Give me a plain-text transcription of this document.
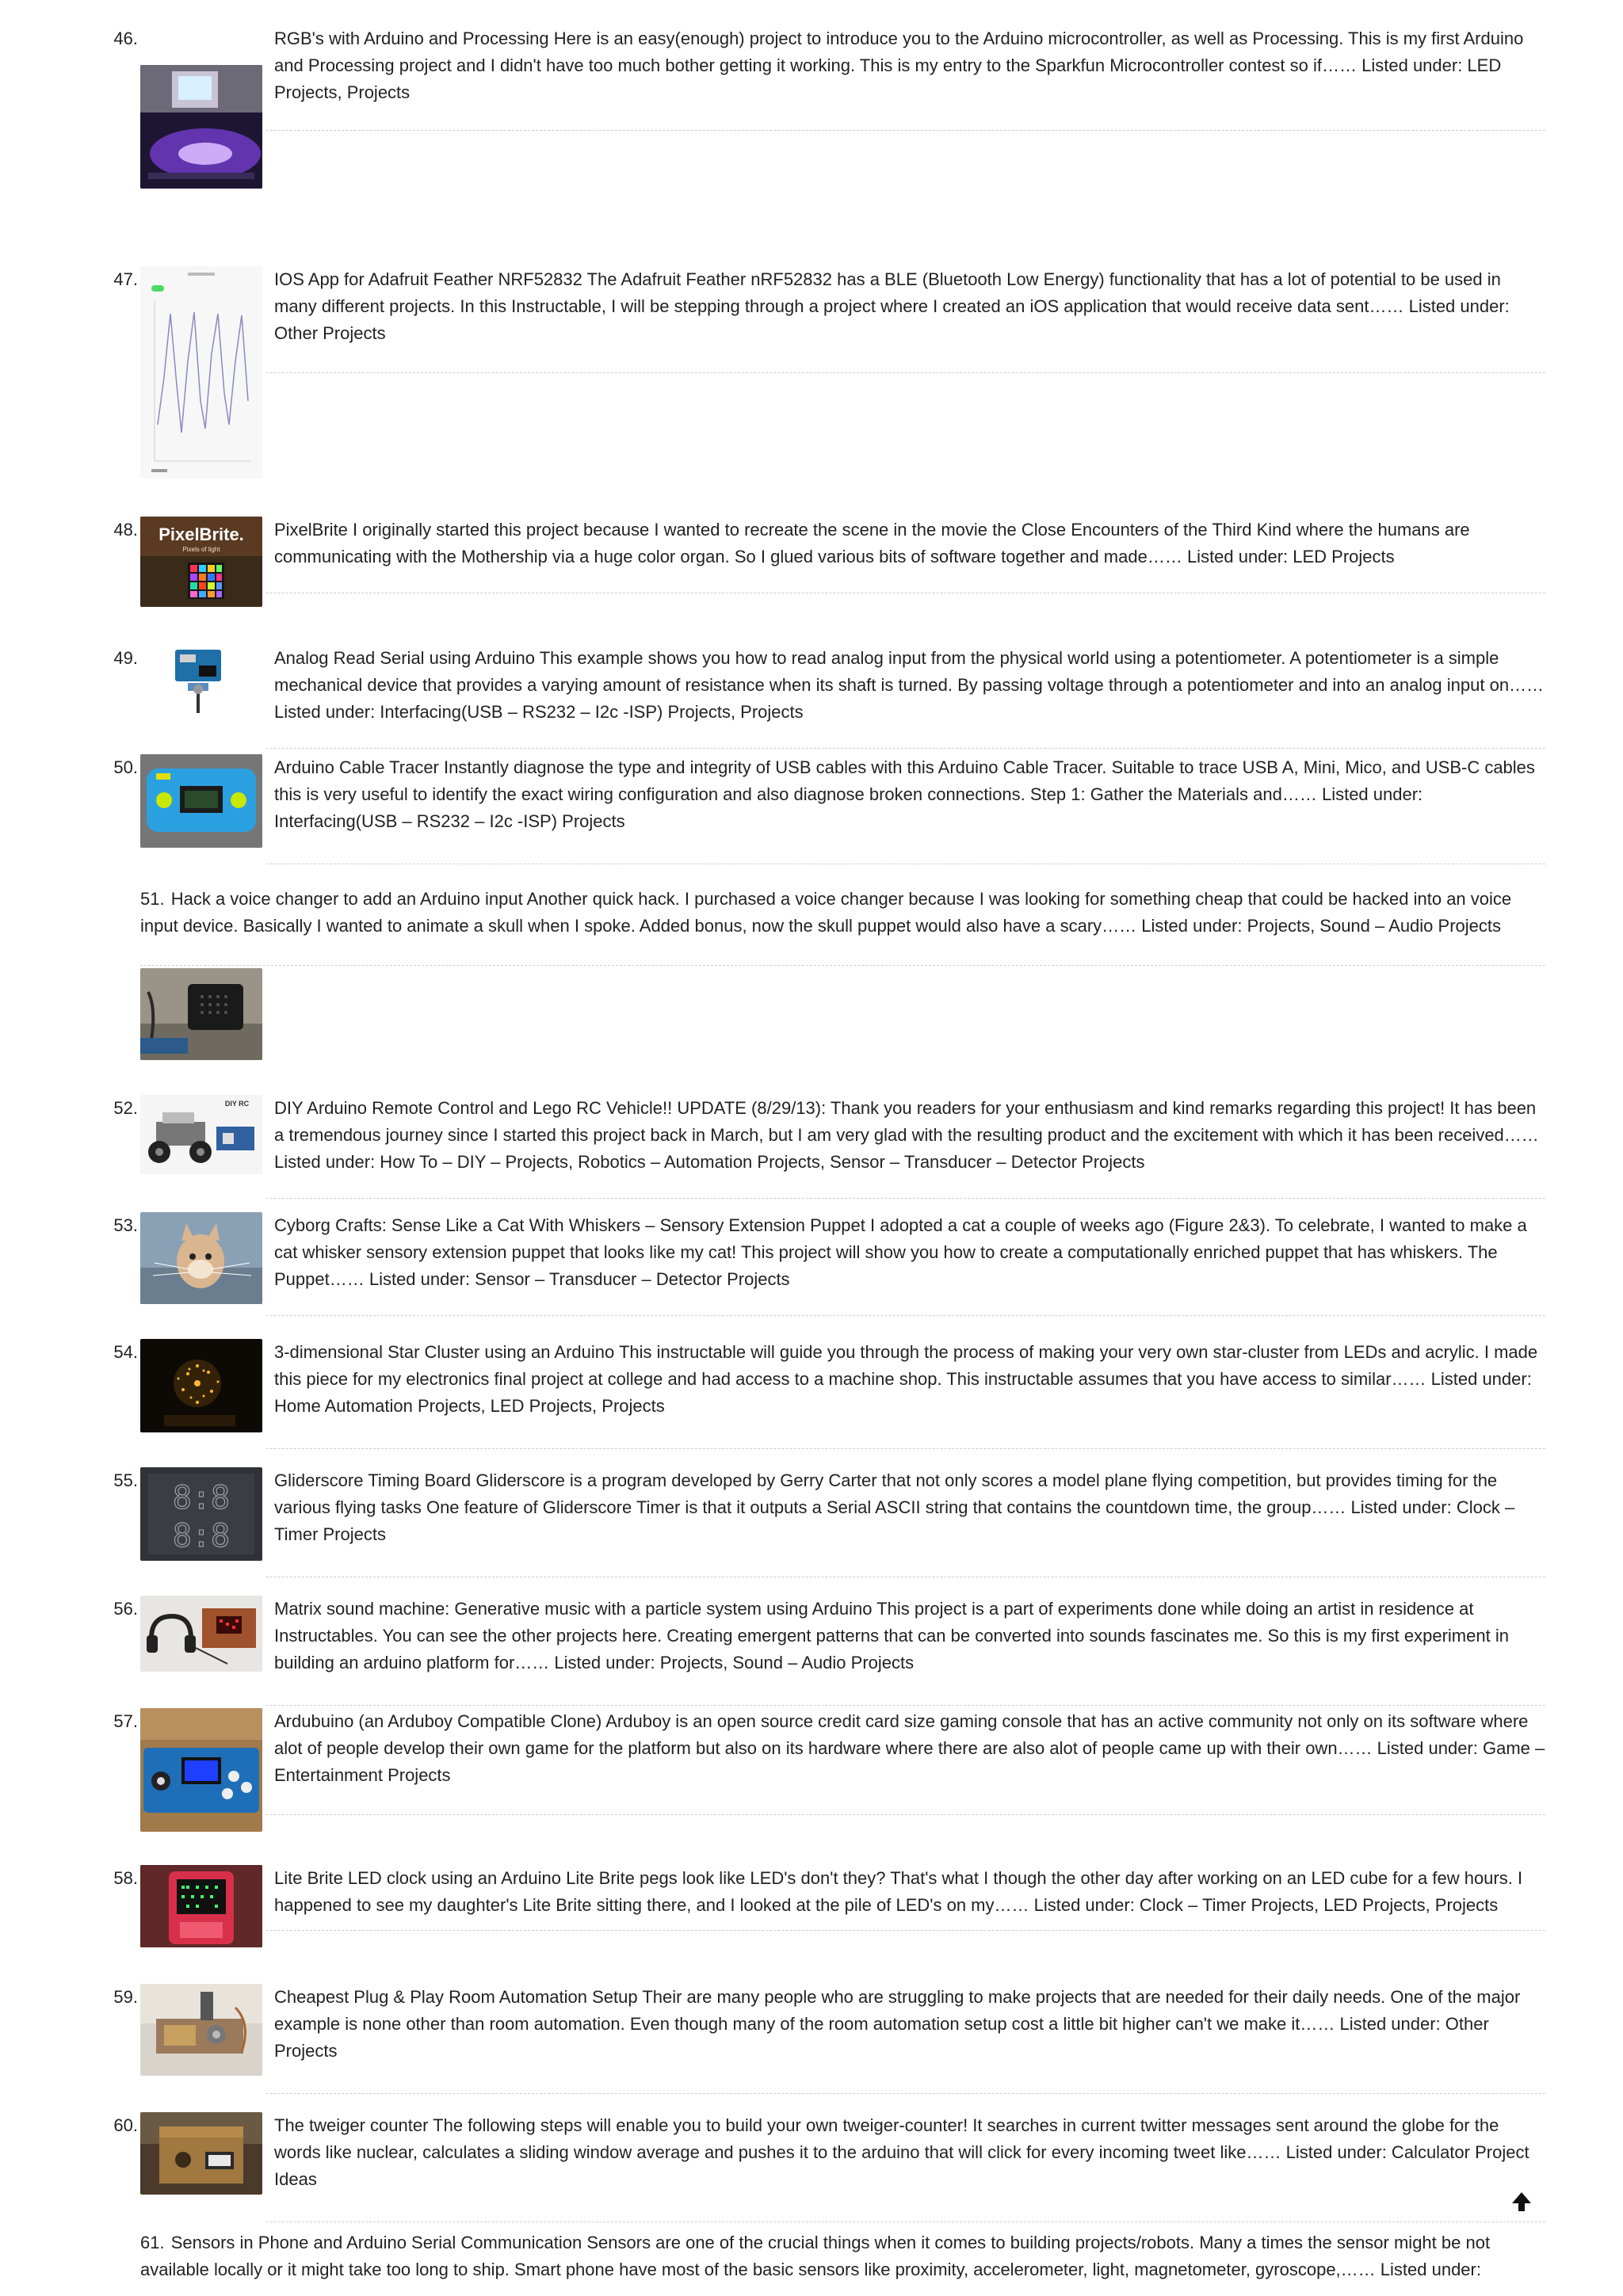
46.	RGB's with Arduino and Processing Here is an easy(enough) project to introduce you to the Arduino microcontroller, as well as Processing. This is my first Arduino and Processing project and I didn't have too much bother getting it working. This is my entry to the Sparkfun Microcontroller contest so if…… Listed under: LED Projects, Projects
47.	IOS App for Adafruit Feather NRF52832 The Adafruit Feather nRF52832 has a BLE (Bluetooth Low Energy) functionality that has a lot of potential to be used in many different projects. In this Instructable, I will be stepping through a project where I created an iOS application that would receive data sent…… Listed under: Other Projects
48. PixelBrite.
Pixels of light
PixelBrite I originally started this project because I wanted to recreate the scene in the movie the Close Encounters of the Third Kind where the humans are communicating with the Mothership via a huge color organ. So I glued various bits of software together and made…… Listed under: LED Projects
49.	Analog Read Serial using Arduino This example shows you how to read analog input from the physical world using a potentiometer. A potentiometer is a simple mechanical device that provides a varying amount of resistance when its shaft is turned. By passing voltage through a potentiometer and into an analog input on…… Listed under: Interfacing(USB – RS232 – I2c -ISP) Projects, Projects
50.	Arduino Cable Tracer Instantly diagnose the type and integrity of USB cables with this Arduino Cable Tracer. Suitable to trace USB A, Mini, Mico, and USB-C cables this is very useful to identify the exact wiring configuration and also diagnose broken connections. Step 1: Gather the Materials and…… Listed under: Interfacing(USB – RS232 – I2c -ISP) Projects
51. Hack a voice changer to add an Arduino input Another quick hack. I purchased a voice changer because I was looking for something cheap that could be hacked into an voice input device. Basically I wanted to animate a skull when I spoke. Added bonus, now the skull puppet would also have a scary…… Listed under: Projects, Sound – Audio Projects
52.	DIY RC DIY Arduino Remote Control and Lego RC Vehicle!! UPDATE (8/29/13): Thank you readers for your enthusiasm and kind remarks regarding this project! It has been a tremendous journey since I started this project back in March, but I am very glad with the resulting product and the excitement with which it has been received…… Listed under: How To – DIY – Projects, Robotics – Automation Projects, Sensor – Transducer – Detector Projects
53.	Cyborg Crafts: Sense Like a Cat With Whiskers – Sensory Extension Puppet I adopted a cat a couple of weeks ago (Figure 2&3). To celebrate, I wanted to make a cat whisker sensory extension puppet that looks like my cat! This project will show you how to create a computationally enriched puppet that has whiskers. The Puppet…… Listed under: Sensor – Transducer – Detector Projects
54.	3-dimensional Star Cluster using an Arduino This instructable will guide you through the process of making your very own star-cluster from LEDs and acrylic. I made this piece for my electronics final project at college and had access to a machine shop. This instructable assumes that you have access to similar…… Listed under: Home Automation Projects, LED Projects, Projects
55. 8:8
8:8
Gliderscore Timing Board Gliderscore is a program developed by Gerry Carter that not only scores a model plane flying competition, but provides timing for the various flying tasks One feature of Gliderscore Timer is that it outputs a Serial ASCII string that contains the countdown time, the group…… Listed under: Clock – Timer Projects
56.	Matrix sound machine: Generative music with a particle system using Arduino This project is a part of experiments done while doing an artist in residence at Instructables. You can see the other projects here. Creating emergent patterns that can be converted into sounds fascinates me. So this is my first experiment in building an arduino platform for…… Listed under: Projects, Sound – Audio Projects
57.	Ardubuino (an Arduboy Compatible Clone) Arduboy is an open source credit card size gaming console that has an active community not only on its software where alot of people develop their own game for the platform but also on its hardware where there are also alot of people came up with their own…… Listed under: Game – Entertainment Projects
58.	Lite Brite LED clock using an Arduino Lite Brite pegs look like LED's don't they? That's what I though the other day after working on an LED cube for a few hours. I happened to see my daughter's Lite Brite sitting there, and I looked at the pile of LED's on my…… Listed under: Clock – Timer Projects, LED Projects, Projects
59.	Cheapest Plug & Play Room Automation Setup Their are many people who are struggling to make projects that are needed for their daily needs. One of the major example is none other than room automation. Even though many of the room automation setup cost a little bit higher can't we make it…… Listed under: Other Projects
60.	The tweiger counter The following steps will enable you to build your own tweiger-counter! It searches in current twitter messages sent around the globe for the words like nuclear, calculates a sliding window average and pushes it to the arduino that will click for every incoming tweet like…… Listed under: Calculator Project Ideas
61. Sensors in Phone and Arduino Serial Communication Sensors are one of the crucial things when it comes to building projects/robots. Many a times the sensor might be not available locally or it might take too long to ship. Smart phone have most of the basic sensors like proximity, accelerometer, light, magnetometer, gyroscope,…… Listed under:
